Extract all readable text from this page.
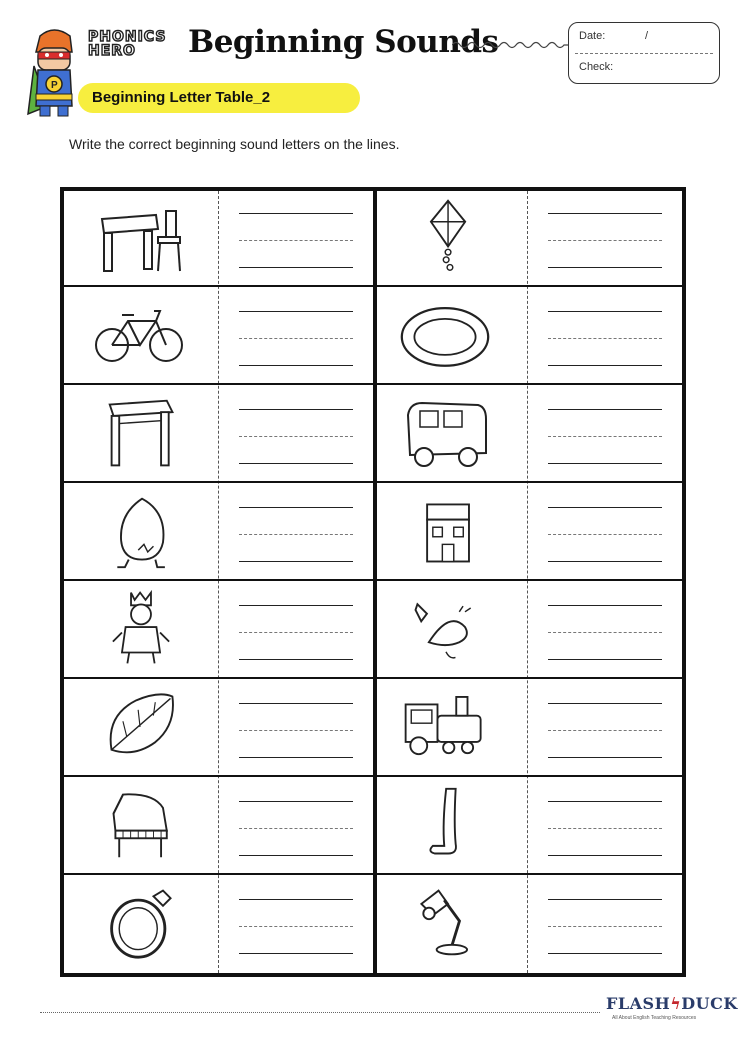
P
PHONICS
HERO	Beginning Sounds	Date:	/
Check:
Beginning Letter Table_2
Write the correct beginning sound letters on the lines.
FLASHϟDUCK
All About English Teaching Resources
